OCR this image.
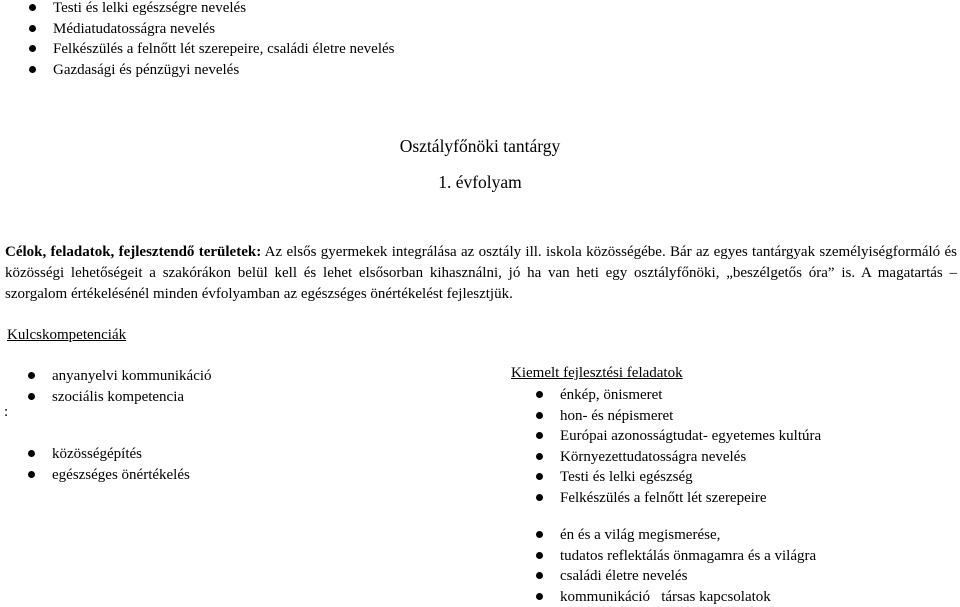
Testi és lelki egészségre nevelés
Médiatudatosságra nevelés
Felkészülés a felnőtt lét szerepeire, családi életre nevelés
Gazdasági és pénzügyi nevelés
Osztályfőnöki tantárgy
1. évfolyam
Célok, feladatok, fejlesztendő területek: Az elsős gyermekek integrálása az osztály ill. iskola közösségébe. Bár az egyes tantárgyak személyiségformáló és közösségi lehetőségeit a szakórákon belül kell és lehet elsősorban kihasználni, jó ha van heti egy osztályfőnöki, „beszélgetős óra” is. A magatartás – szorgalom értékelésénél minden évfolyamban az egészséges önértékelést fejlesztjük.
Kulcskompetenciák
:
anyanyelvi kommunikáció
szociális kompetencia
közösségépítés
egészséges önértékelés
Kiemelt fejlesztési feladatok
énkép, önismeret
hon- és népismeret
Európai azonosságtudat- egyetemes kultúra
Környezettudatosságra nevelés
Testi és lelki egészség
Felkészülés a felnőtt lét szerepeire
én és a világ megismerése,
tudatos reflektálás önmagamra és a világra
családi életre nevelés
kommunikáció   társas kapcsolatok
